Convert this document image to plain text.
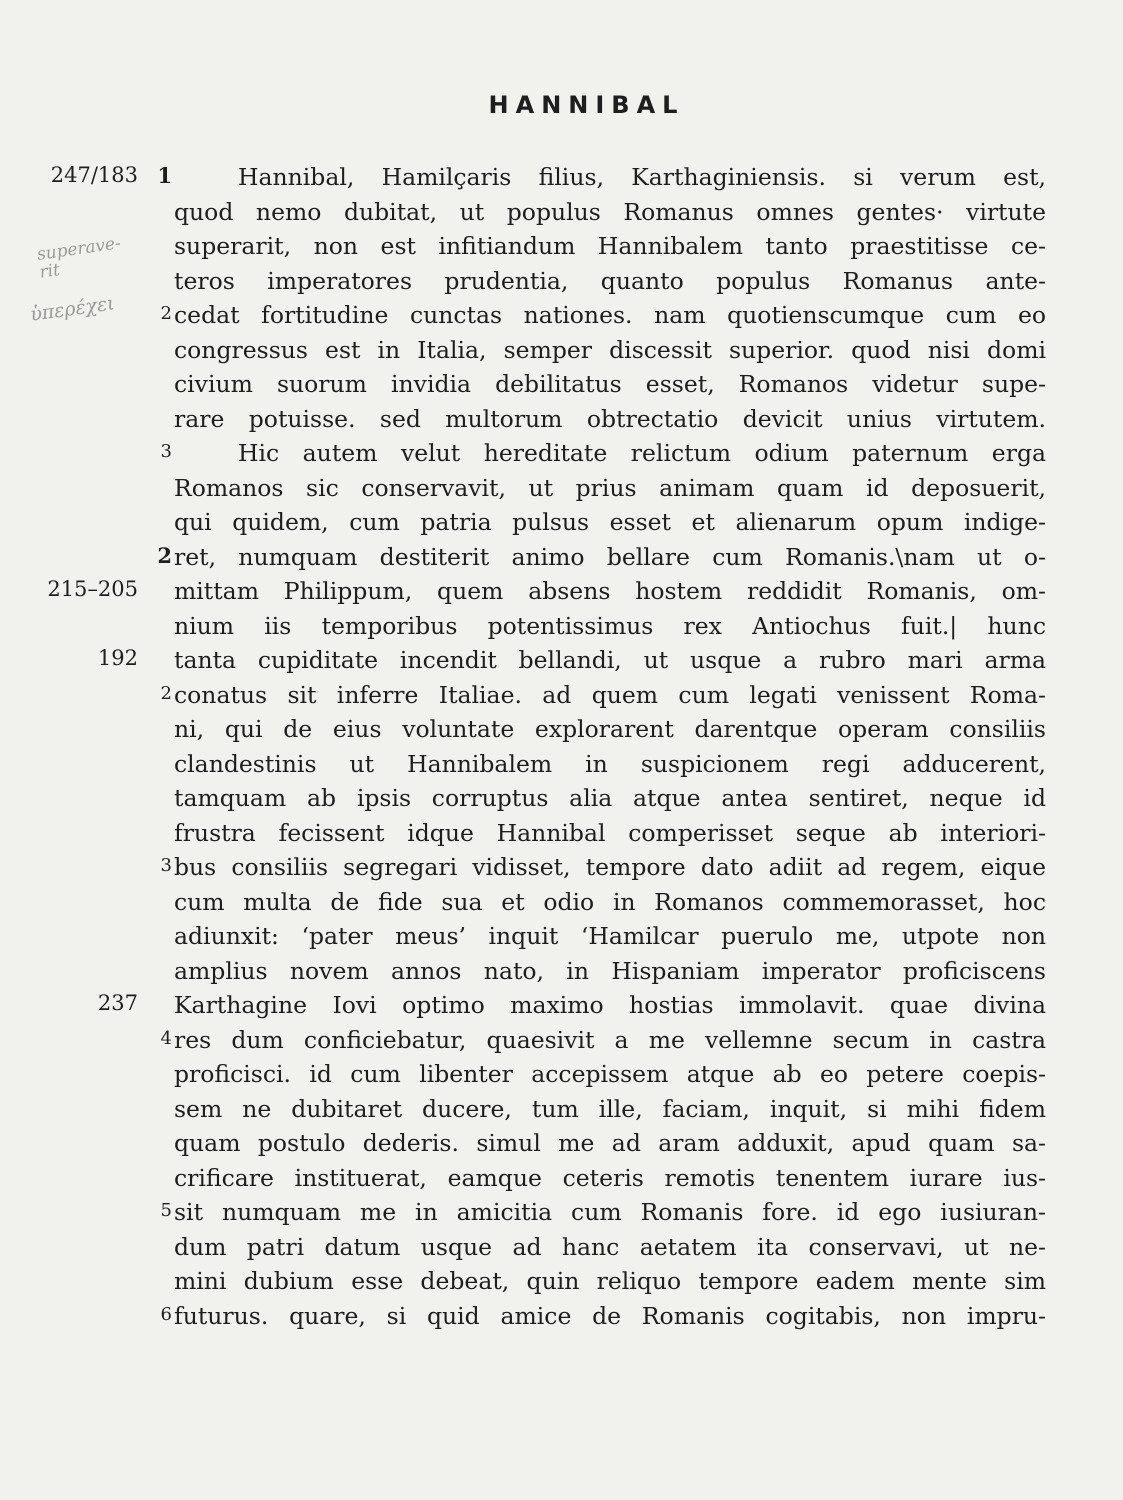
HANNIBAL
superave-
rit
ὑπερέχει
247/183 1	Hannibal, Hamilçaris filius, Karthaginiensis. si verum est,
quod nemo dubitat, ut populus Romanus omnes gentes· virtute
superarit, non est infitiandum Hannibalem tanto praestitisse ce-
teros imperatores prudentia, quanto populus Romanus ante-
2 cedat fortitudine cunctas nationes. nam quotienscumque cum eo
congressus est in Italia, semper discessit superior. quod nisi domi
civium suorum invidia debilitatus esset, Romanos videtur supe-
rare potuisse. sed multorum obtrectatio devicit unius virtutem.
3	Hic autem velut hereditate relictum odium paternum erga
Romanos sic conservavit, ut prius animam quam id deposuerit,
qui quidem, cum patria pulsus esset et alienarum opum indige-
2 ret, numquam destiterit animo bellare cum Romanis.\nam ut o-
215–205 mittam Philippum, quem absens hostem reddidit Romanis, om-
nium iis temporibus potentissimus rex Antiochus fuit.| hunc
192 tanta cupiditate incendit bellandi, ut usque a rubro mari arma
2 conatus sit inferre Italiae. ad quem cum legati venissent Roma-
ni, qui de eius voluntate explorarent darentque operam consiliis
clandestinis ut Hannibalem in suspicionem regi adducerent,
tamquam ab ipsis corruptus alia atque antea sentiret, neque id
frustra fecissent idque Hannibal comperisset seque ab interiori-
3 bus consiliis segregari vidisset, tempore dato adiit ad regem, eique
cum multa de fide sua et odio in Romanos commemorasset, hoc
adiunxit: ‘pater meus’ inquit ‘Hamilcar puerulo me, utpote non
amplius novem annos nato, in Hispaniam imperator proficiscens
237 Karthagine Iovi optimo maximo hostias immolavit. quae divina
4 res dum conficiebatur, quaesivit a me vellemne secum in castra
proficisci. id cum libenter accepissem atque ab eo petere coepis-
sem ne dubitaret ducere, tum ille, faciam, inquit, si mihi fidem
quam postulo dederis. simul me ad aram adduxit, apud quam sa-
crificare instituerat, eamque ceteris remotis tenentem iurare ius-
5 sit numquam me in amicitia cum Romanis fore. id ego iusiuran-
dum patri datum usque ad hanc aetatem ita conservavi, ut ne-
mini dubium esse debeat, quin reliquo tempore eadem mente sim
6 futurus. quare, si quid amice de Romanis cogitabis, non impru-
